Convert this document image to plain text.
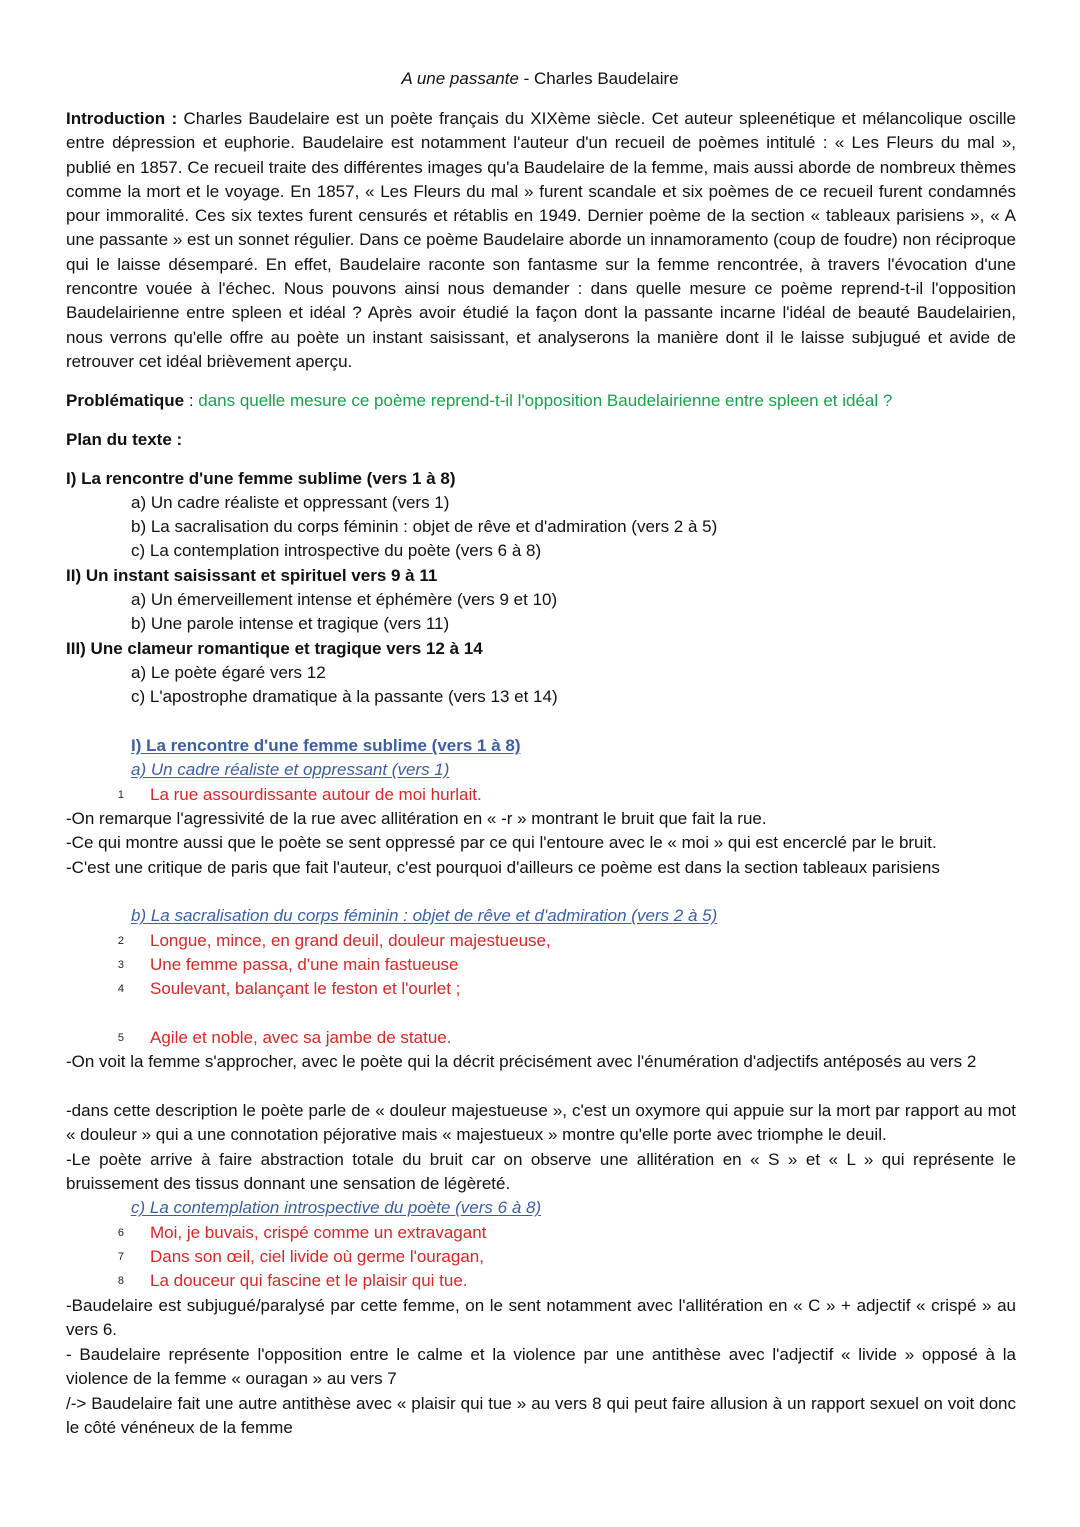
A une passante - Charles Baudelaire
Introduction : Charles Baudelaire est un poète français du XIXème siècle. Cet auteur spleenétique et mélancolique oscille entre dépression et euphorie. Baudelaire est notamment l'auteur d'un recueil de poèmes intitulé : « Les Fleurs du mal », publié en 1857. Ce recueil traite des différentes images qu'a Baudelaire de la femme, mais aussi aborde de nombreux thèmes comme la mort et le voyage. En 1857, « Les Fleurs du mal » furent scandale et six poèmes de ce recueil furent condamnés pour immoralité. Ces six textes furent censurés et rétablis en 1949. Dernier poème de la section « tableaux parisiens », « A une passante » est un sonnet régulier. Dans ce poème Baudelaire aborde un innamoramento (coup de foudre) non réciproque qui le laisse désemparé. En effet, Baudelaire raconte son fantasme sur la femme rencontrée, à travers l'évocation d'une rencontre vouée à l'échec. Nous pouvons ainsi nous demander : dans quelle mesure ce poème reprend-t-il l'opposition Baudelairienne entre spleen et idéal ? Après avoir étudié la façon dont la passante incarne l'idéal de beauté Baudelairien, nous verrons qu'elle offre au poète un instant saisissant, et analyserons la manière dont il le laisse subjugué et avide de retrouver cet idéal brièvement aperçu.
Problématique : dans quelle mesure ce poème reprend-t-il l'opposition Baudelairienne entre spleen et idéal ?
Plan du texte :
I) La rencontre d'une femme sublime (vers 1 à 8)
a) Un cadre réaliste et oppressant (vers 1)
b) La sacralisation du corps féminin : objet de rêve et d'admiration (vers 2 à 5)
c) La contemplation introspective du poète (vers 6 à 8)
II) Un instant saisissant et spirituel vers 9 à 11
a) Un émerveillement intense et éphémère (vers 9 et 10)
b) Une parole intense et tragique (vers 11)
III) Une clameur romantique et tragique vers 12 à 14
a) Le poète égaré vers 12
c) L'apostrophe dramatique à la passante (vers 13 et 14)
I) La rencontre d'une femme sublime (vers 1 à 8)
a) Un cadre réaliste et oppressant (vers 1)
1 La rue assourdissante autour de moi hurlait.
-On remarque l'agressivité de la rue avec allitération en « -r » montrant le bruit que fait la rue.
-Ce qui montre aussi que le poète se sent oppressé par ce qui l'entoure avec le « moi » qui est encerclé par le bruit.
-C'est une critique de paris que fait l'auteur, c'est pourquoi d'ailleurs ce poème est dans la section tableaux parisiens
b) La sacralisation du corps féminin : objet de rêve et d'admiration (vers 2 à 5)
2 Longue, mince, en grand deuil, douleur majestueuse,
3 Une femme passa, d'une main fastueuse
4 Soulevant, balançant le feston et l'ourlet ;
5 Agile et noble, avec sa jambe de statue.
-On voit la femme s'approcher, avec le poète qui la décrit précisément avec l'énumération d'adjectifs antéposés au vers 2
-dans cette description le poète parle de « douleur majestueuse », c'est un oxymore qui appuie sur la mort par rapport au mot « douleur » qui a une connotation péjorative mais « majestueux » montre qu'elle porte avec triomphe le deuil.
-Le poète arrive à faire abstraction totale du bruit car on observe une allitération en « S » et « L » qui représente le bruissement des tissus donnant une sensation de légèreté.
c) La contemplation introspective du poète (vers 6 à 8)
6 Moi, je buvais, crispé comme un extravagant
7 Dans son œil, ciel livide où germe l'ouragan,
8 La douceur qui fascine et le plaisir qui tue.
-Baudelaire est subjugué/paralysé par cette femme, on le sent notamment avec l'allitération en « C » + adjectif « crispé » au vers 6.
- Baudelaire représente l'opposition entre le calme et la violence par une antithèse avec l'adjectif « livide » opposé à la violence de la femme « ouragan » au vers 7
/-> Baudelaire fait une autre antithèse avec « plaisir qui tue » au vers 8 qui peut faire allusion à un rapport sexuel on voit donc le côté vénéneux de la femme
